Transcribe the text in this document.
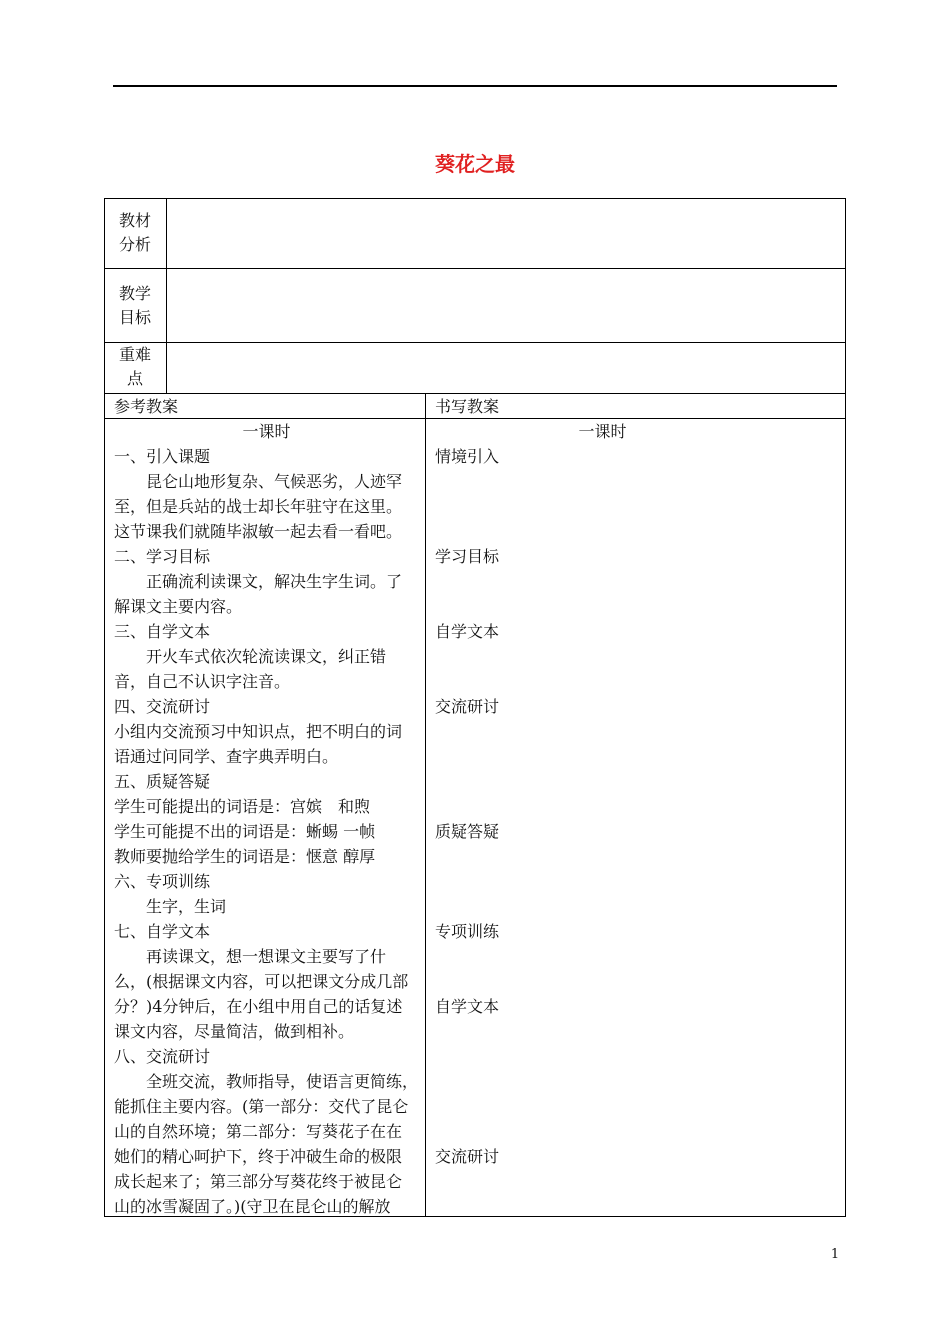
葵花之最
教材分析
教学目标
重难点
参考教案	书写教案
一课时
一、引入课题
昆仑山地形复杂、气候恶劣，人迹罕
至，但是兵站的战士却长年驻守在这里。
这节课我们就随毕淑敏一起去看一看吧。
二、学习目标
正确流利读课文，解决生字生词。了
解课文主要内容。
三、自学文本
开火车式依次轮流读课文，纠正错
音，自己不认识字注音。
四、交流研讨
小组内交流预习中知识点，把不明白的词
语通过问同学、查字典弄明白。
五、质疑答疑
学生可能提出的词语是：宫嫔　和煦
学生可能提不出的词语是：蜥蜴 一帧
教师要抛给学生的词语是：惬意 醇厚
六、专项训练
生字，生词
七、自学文本
再读课文，想一想课文主要写了什
么，(根据课文内容，可以把课文分成几部
分？)4分钟后，在小组中用自己的话复述
课文内容，尽量简洁，做到相补。
八、交流研讨
全班交流，教师指导，使语言更简练，
能抓住主要内容。(第一部分：交代了昆仑
山的自然环境；第二部分：写葵花子在在
她们的精心呵护下，终于冲破生命的极限
成长起来了；第三部分写葵花终于被昆仑
山的冰雪凝固了。)(守卫在昆仑山的解放
一课时
情境引入
学习目标
自学文本
交流研讨
质疑答疑
专项训练
自学文本
交流研讨
1
